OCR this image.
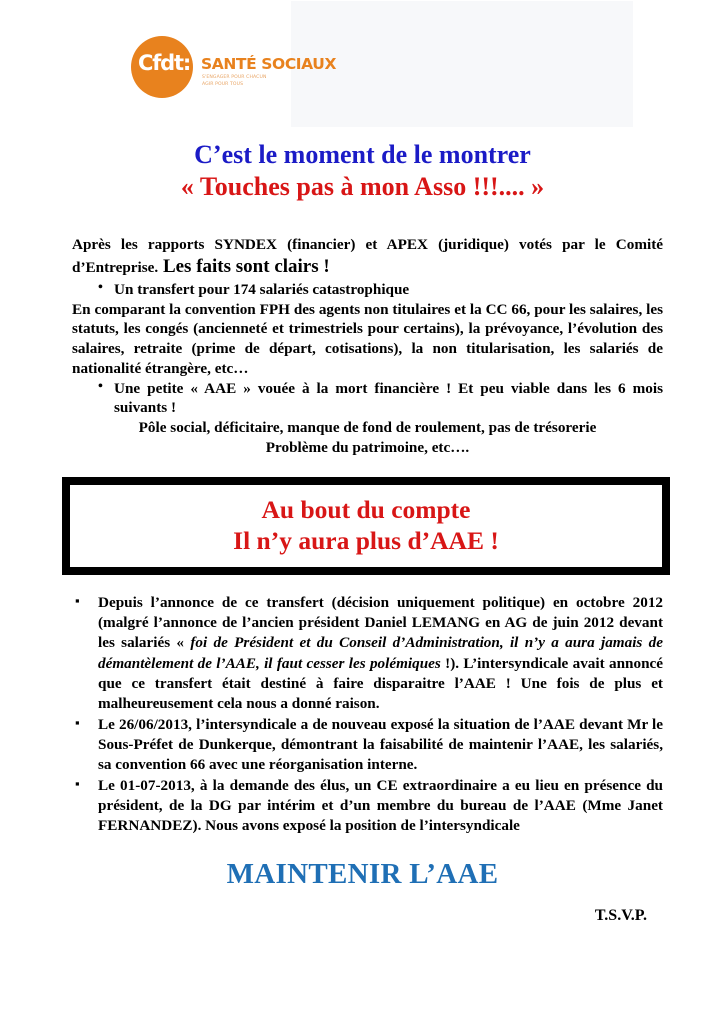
Cfdt: SANTÉ SOCIAUX
S'ENGAGER POUR CHACUN
AGIR POUR TOUS
C’est le moment de le montrer
« Touches pas à mon Asso !!!.... »

Après les rapports SYNDEX (financier) et APEX (juridique) votés par le Comité d’Entreprise. Les faits sont clairs !

• Un transfert pour 174 salariés catastrophique

En comparant la convention FPH des agents non titulaires et la CC 66, pour les salaires, les statuts, les congés (ancienneté et trimestriels pour certains), la prévoyance, l’évolution des salaires, retraite (prime de départ, cotisations), la non titularisation, les salariés de nationalité étrangère, etc…

• Une petite « AAE » vouée à la mort financière ! Et peu viable dans les 6 mois suivants !

Pôle social, déficitaire, manque de fond de roulement, pas de trésorerie

Problème du patrimoine, etc….

Au bout du compte
Il n’y aura plus d’AAE !
▪ Depuis l’annonce de ce transfert (décision uniquement politique) en octobre 2012 (malgré l’annonce de l’ancien président Daniel LEMANG en AG de juin 2012 devant les salariés « foi de Président et du Conseil d’Administration, il n’y a aura jamais de démantèlement de l’AAE, il faut cesser les polémiques !). L’intersyndicale avait annoncé que ce transfert était destiné à faire disparaitre l’AAE ! Une fois de plus et malheureusement cela nous a donné raison.
▪ Le 26/06/2013, l’intersyndicale a de nouveau exposé la situation de l’AAE devant Mr le Sous-Préfet de Dunkerque, démontrant la faisabilité de maintenir l’AAE, les salariés, sa convention 66 avec une réorganisation interne.
▪ Le 01-07-2013, à la demande des élus, un CE extraordinaire a eu lieu en présence du président, de la DG par intérim et d’un membre du bureau de l’AAE (Mme Janet FERNANDEZ). Nous avons exposé la position de l’intersyndicale
MAINTENIR L’AAE
T.S.V.P.
